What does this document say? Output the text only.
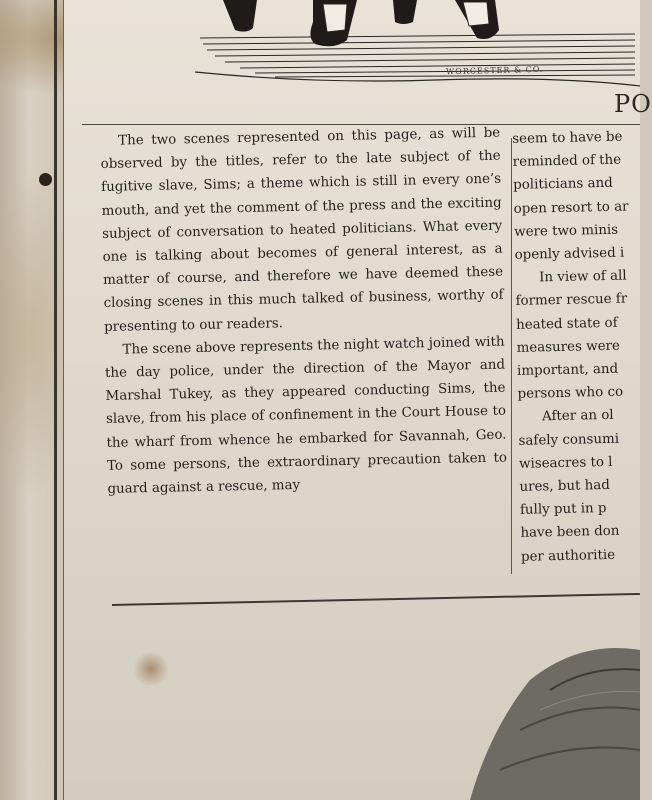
WORCESTER & CO.
PO

The two scenes represented on this page, as will be observed by the titles, refer to the late subject of the fugitive slave, Sims; a theme which is still in every one’s mouth, and yet the comment of the press and the exciting subject of conversation to heated politicians. What every one is talking about becomes of general interest, as a matter of course, and therefore we have deemed these closing scenes in this much talked of business, worthy of presenting to our readers.

The scene above represents the night watch joined with the day police, under the direction of the Mayor and Marshal Tukey, as they appeared conducting Sims, the slave, from his place of confinement in the Court House to the wharf from whence he embarked for Savannah, Geo. To some persons, the extraordinary precaution taken to guard against a rescue, may

seem to have be
reminded of the
politicians and
open resort to ar
were two minis
openly advised i
In view of all
former rescue fr
heated state of
measures were
important, and
persons who co
After an ol
safely consumi
wiseacres to l
ures, but had
fully put in p
have been don
per authoritie
